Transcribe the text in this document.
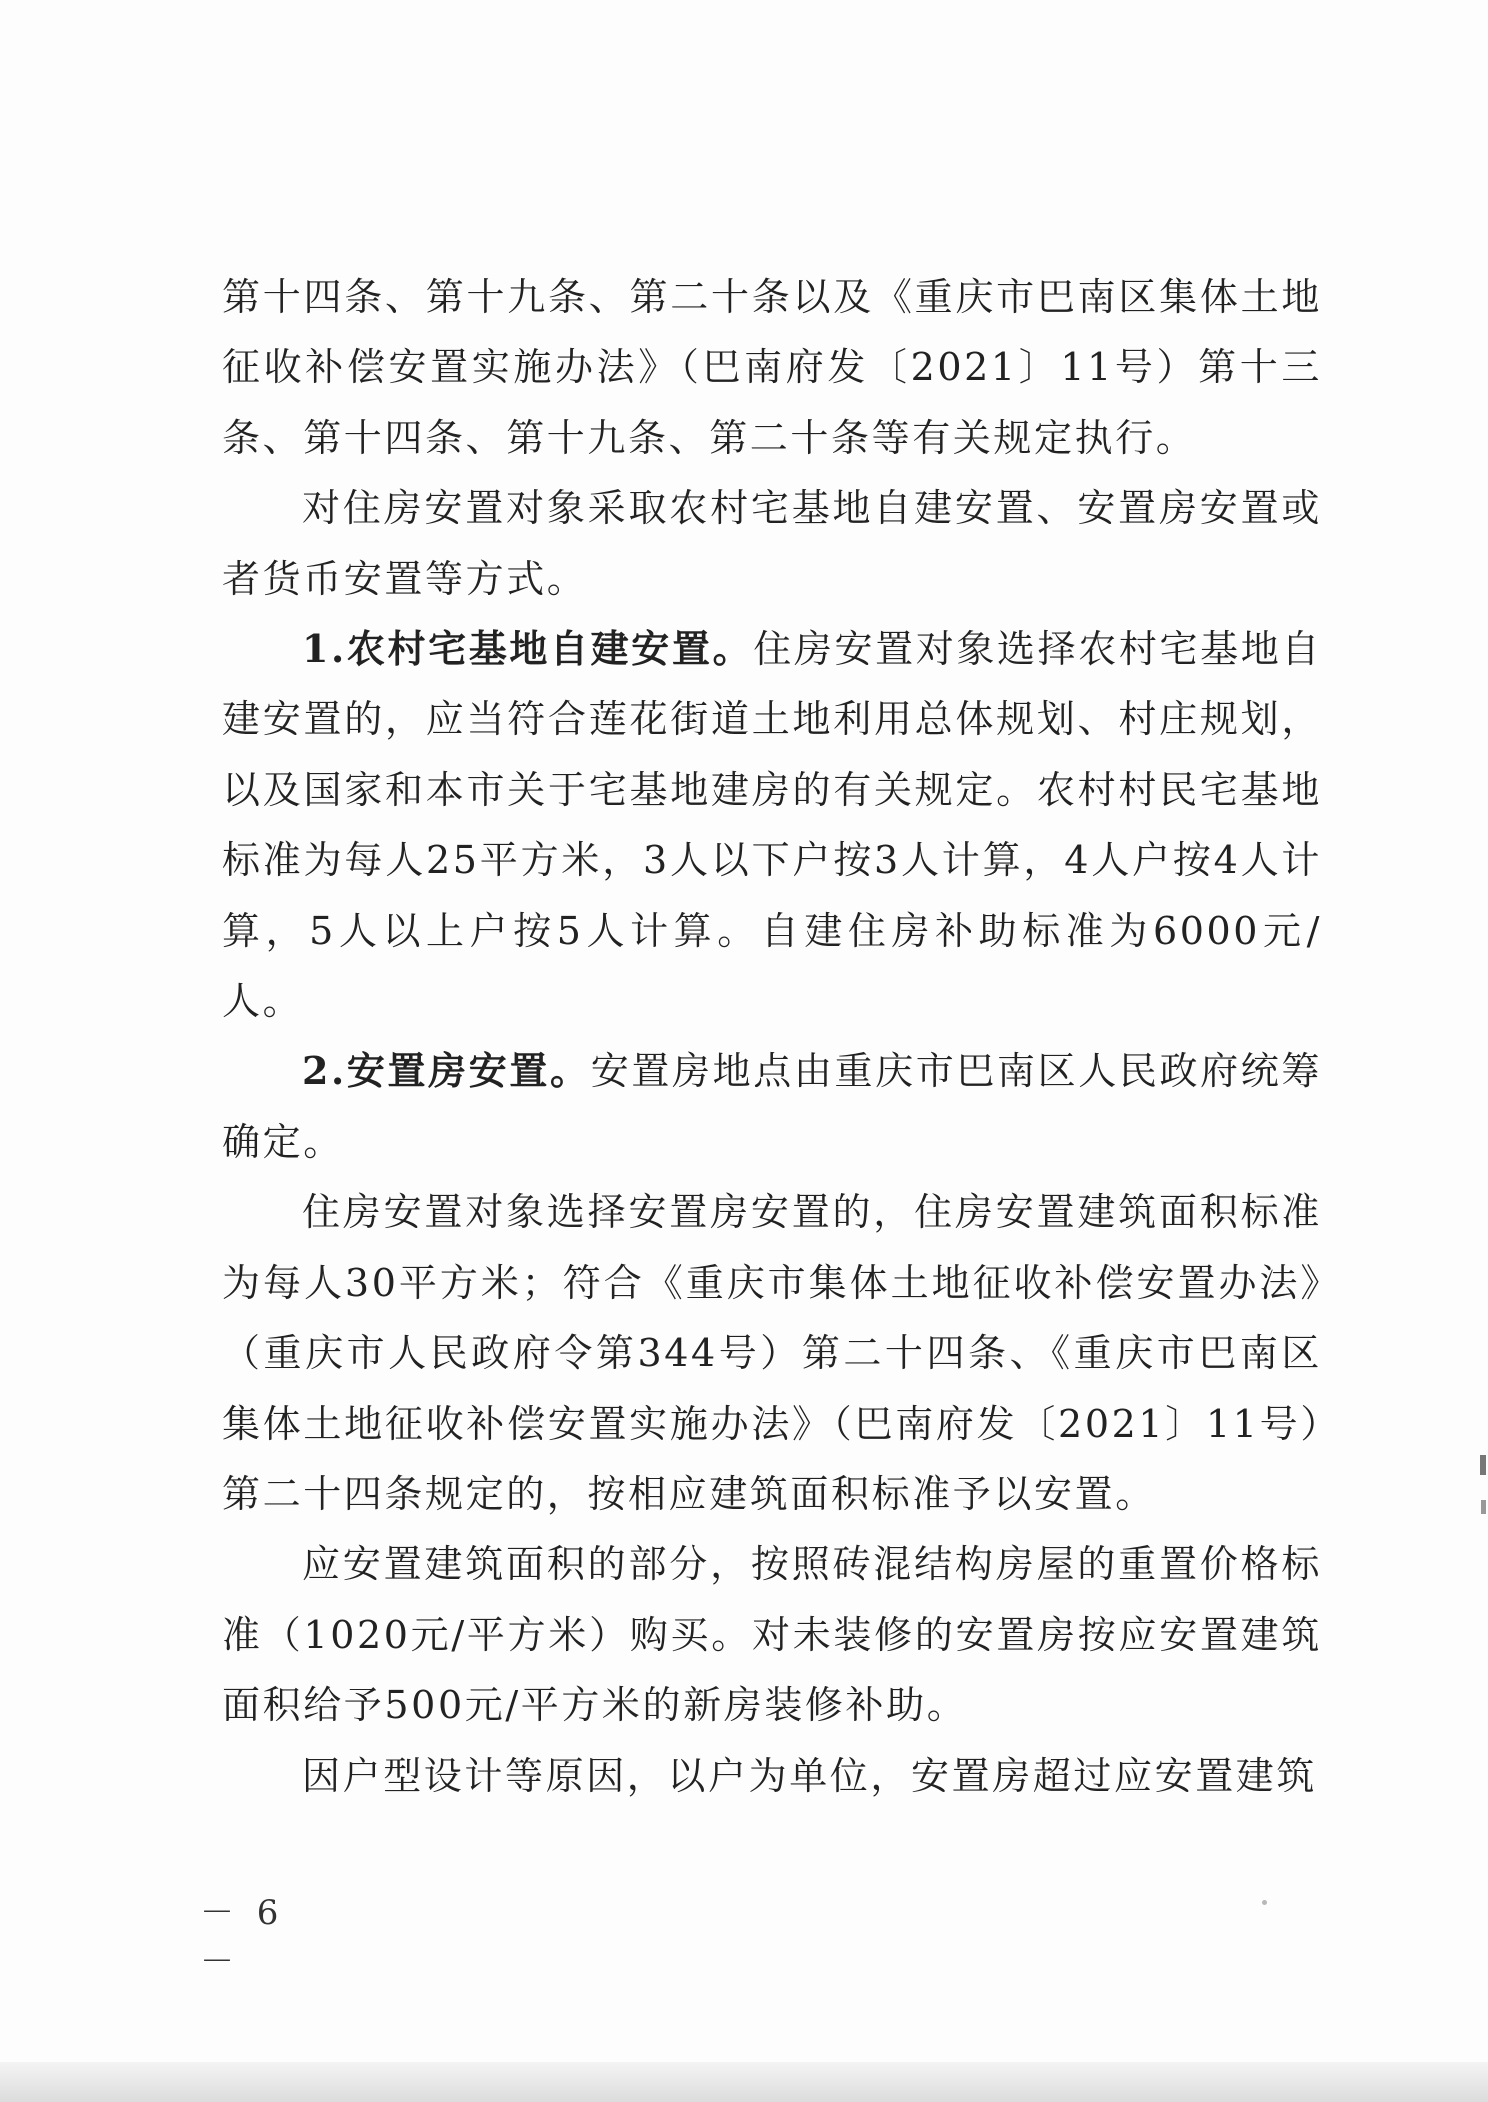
第十四条、第十九条、第二十条以及《重庆市巴南区集体土地征收补偿安置实施办法》（巴南府发〔2021〕11号）第十三条、第十四条、第十九条、第二十条等有关规定执行。

对住房安置对象采取农村宅基地自建安置、安置房安置或者货币安置等方式。

1.农村宅基地自建安置。住房安置对象选择农村宅基地自建安置的，应当符合莲花街道土地利用总体规划、村庄规划，以及国家和本市关于宅基地建房的有关规定。农村村民宅基地标准为每人25平方米，3人以下户按3人计算，4人户按4人计算，5人以上户按5人计算。自建住房补助标准为6000元/人。

2.安置房安置。安置房地点由重庆市巴南区人民政府统筹确定。

住房安置对象选择安置房安置的，住房安置建筑面积标准为每人30平方米；符合《重庆市集体土地征收补偿安置办法》（重庆市人民政府令第344号）第二十四条、《重庆市巴南区集体土地征收补偿安置实施办法》（巴南府发〔2021〕11号）第二十四条规定的，按相应建筑面积标准予以安置。

应安置建筑面积的部分，按照砖混结构房屋的重置价格标准（1020元/平方米）购买。对未装修的安置房按应安置建筑面积给予500元/平方米的新房装修补助。

因户型设计等原因，以户为单位，安置房超过应安置建筑

－ 6 －
